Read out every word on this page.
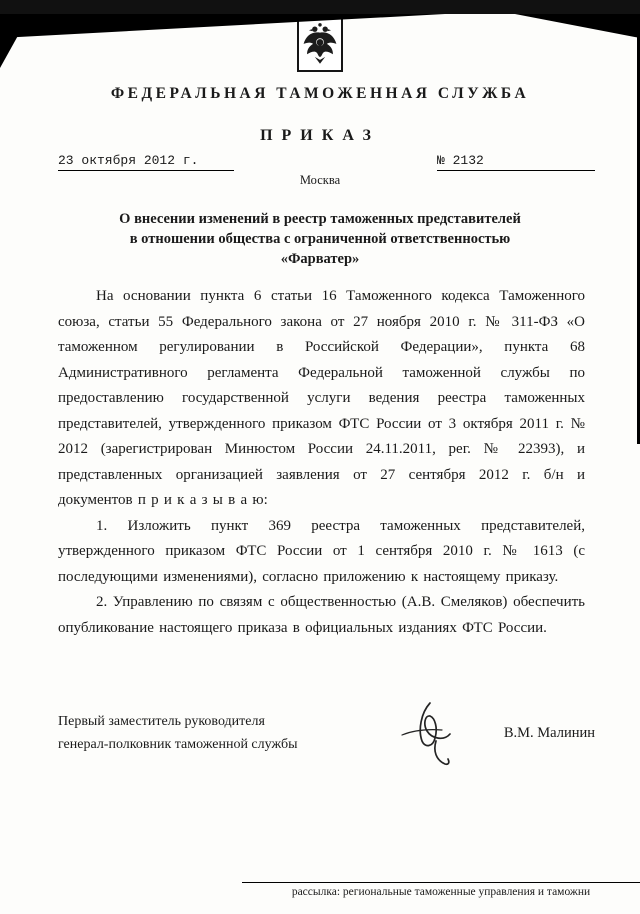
ФЕДЕРАЛЬНАЯ ТАМОЖЕННАЯ СЛУЖБА
ПРИКАЗ
23 октября 2012 г.	№ 2132
Москва
О внесении изменений в реестр таможенных представителей
в отношении общества с ограниченной ответственностью
«Фарватер»

На основании пункта 6 статьи 16 Таможенного кодекса Таможенного союза, статьи 55 Федерального закона от 27 ноября 2010 г. № 311-ФЗ «О таможенном регулировании в Российской Федерации», пункта 68 Административного регламента Федеральной таможенной службы по предоставлению государственной услуги ведения реестра таможенных представителей, утвержденного приказом ФТС России от 3 октября 2011 г. № 2012 (зарегистрирован Минюстом России 24.11.2011, рег. № 22393), и представленных организацией заявления от 27 сентября 2012 г. б/н и документов п р и к а з ы в а ю:

1. Изложить пункт 369 реестра таможенных представителей, утвержденного приказом ФТС России от 1 сентября 2010 г. № 1613 (с последующими изменениями), согласно приложению к настоящему приказу.

2. Управлению по связям с общественностью (А.В. Смеляков) обеспечить опубликование настоящего приказа в официальных изданиях ФТС России.

Первый заместитель руководителя
генерал-полковник таможенной службы
В.М. Малинин
рассылка: региональные таможенные управления и таможни
